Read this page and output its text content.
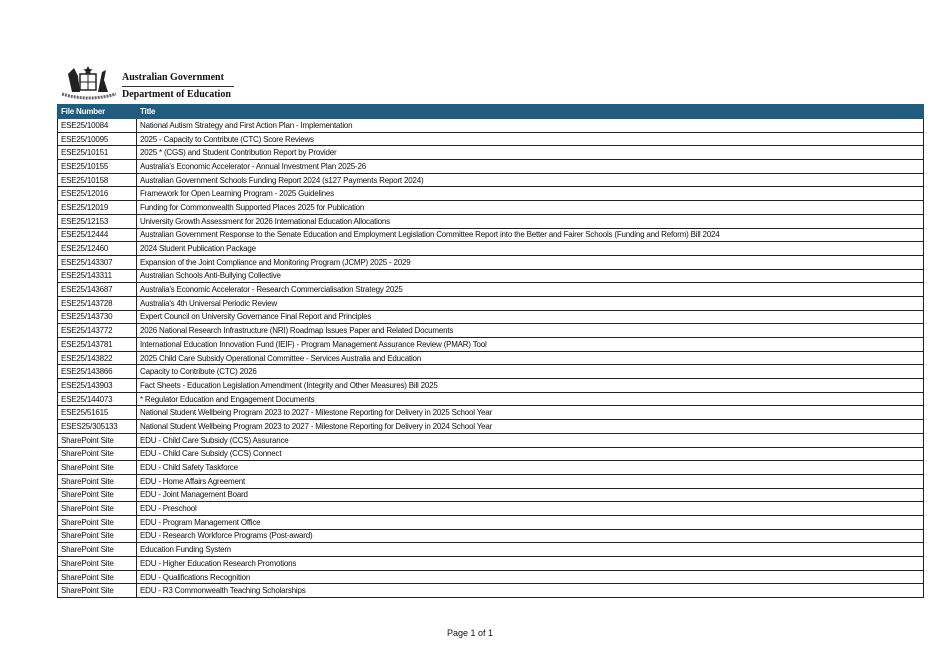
Australian Government
Department of Education
File Number	Title
ESE25/10084	National Autism Strategy and First Action Plan - Implementation
ESE25/10095	2025 - Capacity to Contribute (CTC) Score Reviews
ESE25/10151	2025 * (CGS) and Student Contribution Report by Provider
ESE25/10155	Australia's Economic Accelerator - Annual Investment Plan 2025-26
ESE25/10158	Australian Government Schools Funding Report 2024 (s127 Payments Report 2024)
ESE25/12016	Framework for Open Learning Program - 2025 Guidelines
ESE25/12019	Funding for Commonwealth Supported Places 2025 for Publication
ESE25/12153	University Growth Assessment for 2026 International Education Allocations
ESE25/12444	Australian Government Response to the Senate Education and Employment Legislation Committee Report into the Better and Fairer Schools (Funding and Reform) Bill 2024
ESE25/12460	2024 Student Publication Package
ESE25/143307	Expansion of the Joint Compliance and Monitoring Program (JCMP) 2025 - 2029
ESE25/143311	Australian Schools Anti-Bullying Collective
ESE25/143687	Australia's Economic Accelerator - Research Commercialisation Strategy 2025
ESE25/143728	Australia's 4th Universal Periodic Review
ESE25/143730	Expert Council on University Governance Final Report and Principles
ESE25/143772	2026 National Research Infrastructure (NRI) Roadmap Issues Paper and Related Documents
ESE25/143781	International Education Innovation Fund (IEIF) - Program Management Assurance Review (PMAR) Tool
ESE25/143822	2025 Child Care Subsidy Operational Committee - Services Australia and Education
ESE25/143866	Capacity to Contribute (CTC) 2026
ESE25/143903	Fact Sheets - Education Legislation Amendment (Integrity and Other Measures) Bill 2025
ESE25/144073	* Regulator Education and Engagement Documents
ESE25/51615	National Student Wellbeing Program 2023 to 2027 - Milestone Reporting for Delivery in 2025 School Year
ESES25/305133	National Student Wellbeing Program 2023 to 2027 - Milestone Reporting for Delivery in 2024 School Year
SharePoint Site	EDU - Child Care Subsidy (CCS) Assurance
SharePoint Site	EDU - Child Care Subsidy (CCS) Connect
SharePoint Site	EDU - Child Safety Taskforce
SharePoint Site	EDU - Home Affairs Agreement
SharePoint Site	EDU - Joint Management Board
SharePoint Site	EDU - Preschool
SharePoint Site	EDU - Program Management Office
SharePoint Site	EDU - Research Workforce Programs (Post-award)
SharePoint Site	Education Funding System
SharePoint Site	EDU - Higher Education Research Promotions
SharePoint Site	EDU - Qualifications Recognition
SharePoint Site	EDU - R3 Commonwealth Teaching Scholarships
Page 1 of 1
